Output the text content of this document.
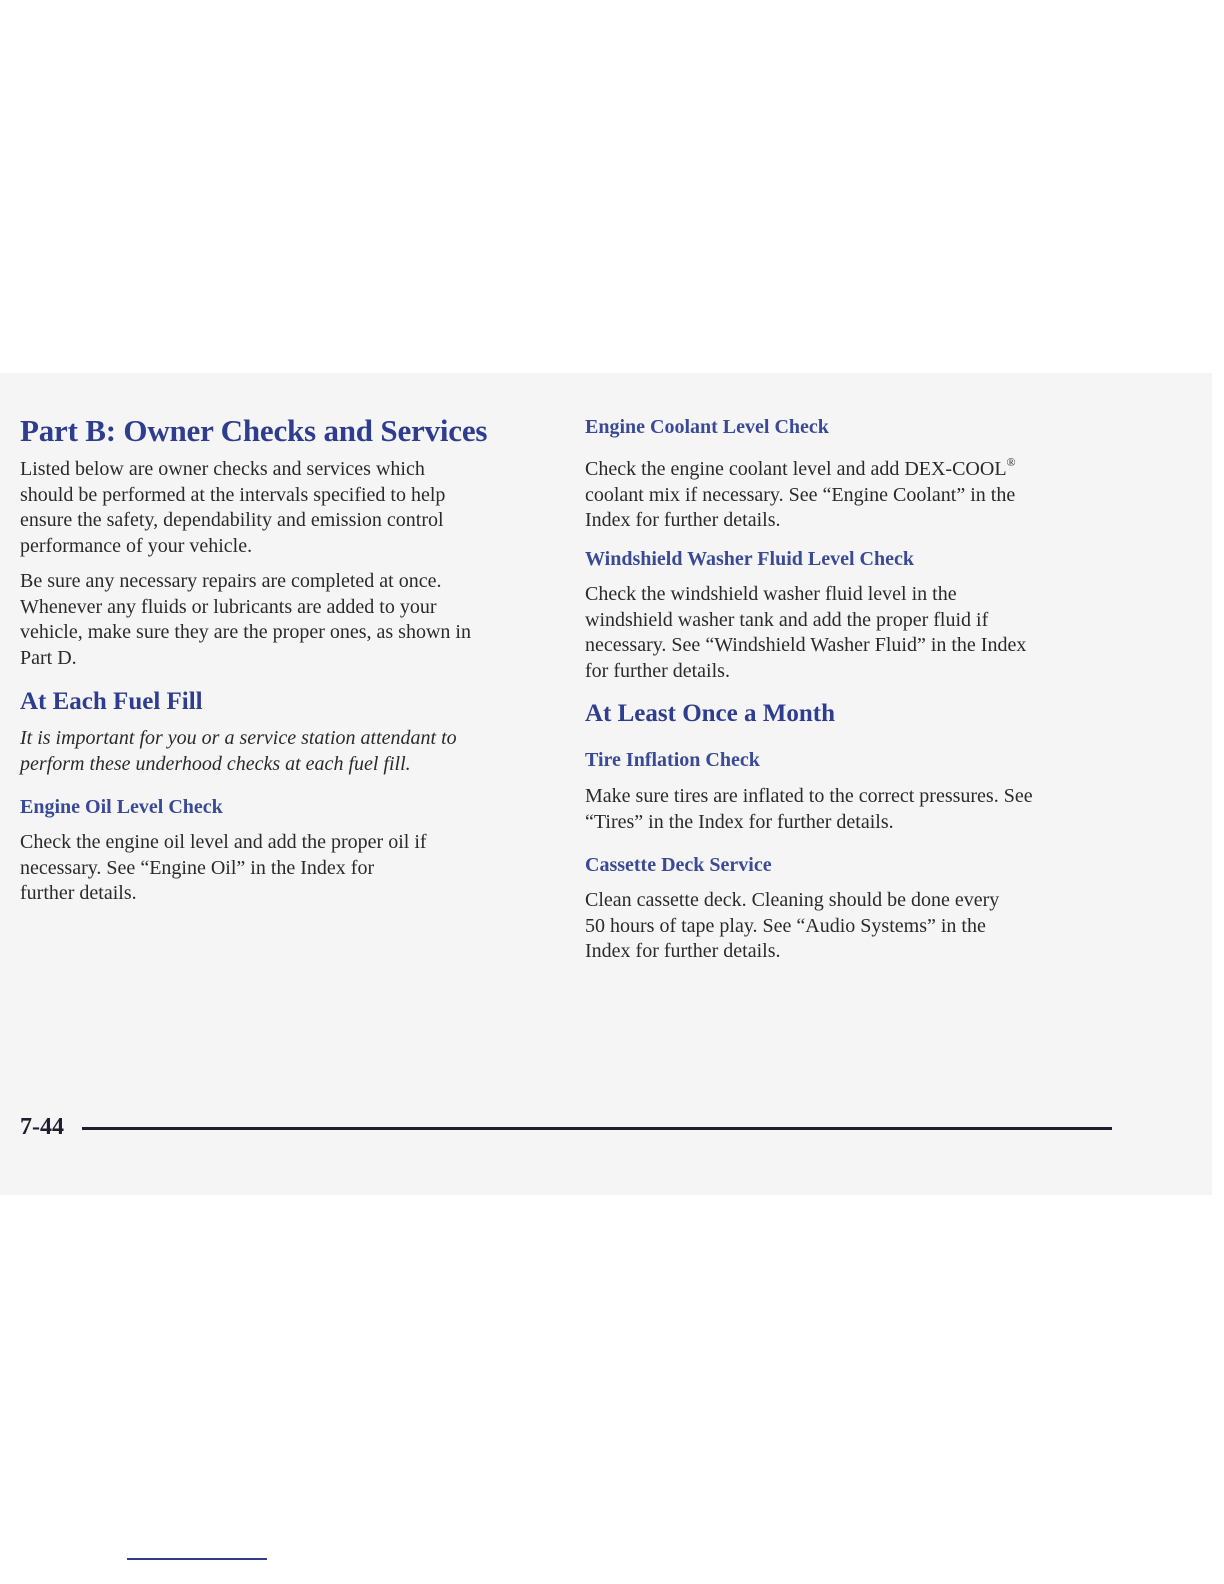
Part B: Owner Checks and Services

Listed below are owner checks and services which
should be performed at the intervals specified to help
ensure the safety, dependability and emission control
performance of your vehicle.

Be sure any necessary repairs are completed at once.
Whenever any fluids or lubricants are added to your
vehicle, make sure they are the proper ones, as shown in
Part D.

At Each Fuel Fill

It is important for you or a service station attendant to
perform these underhood checks at each fuel fill.

Engine Oil Level Check

Check the engine oil level and add the proper oil if
necessary. See “Engine Oil” in the Index for
further details.

Engine Coolant Level Check

Check the engine coolant level and add DEX-COOL®
coolant mix if necessary. See “Engine Coolant” in the
Index for further details.

Windshield Washer Fluid Level Check

Check the windshield washer fluid level in the
windshield washer tank and add the proper fluid if
necessary. See “Windshield Washer Fluid” in the Index
for further details.

At Least Once a Month
Tire Inflation Check

Make sure tires are inflated to the correct pressures. See
“Tires” in the Index for further details.

Cassette Deck Service

Clean cassette deck. Cleaning should be done every
50 hours of tape play. See “Audio Systems” in the
Index for further details.

7-44
